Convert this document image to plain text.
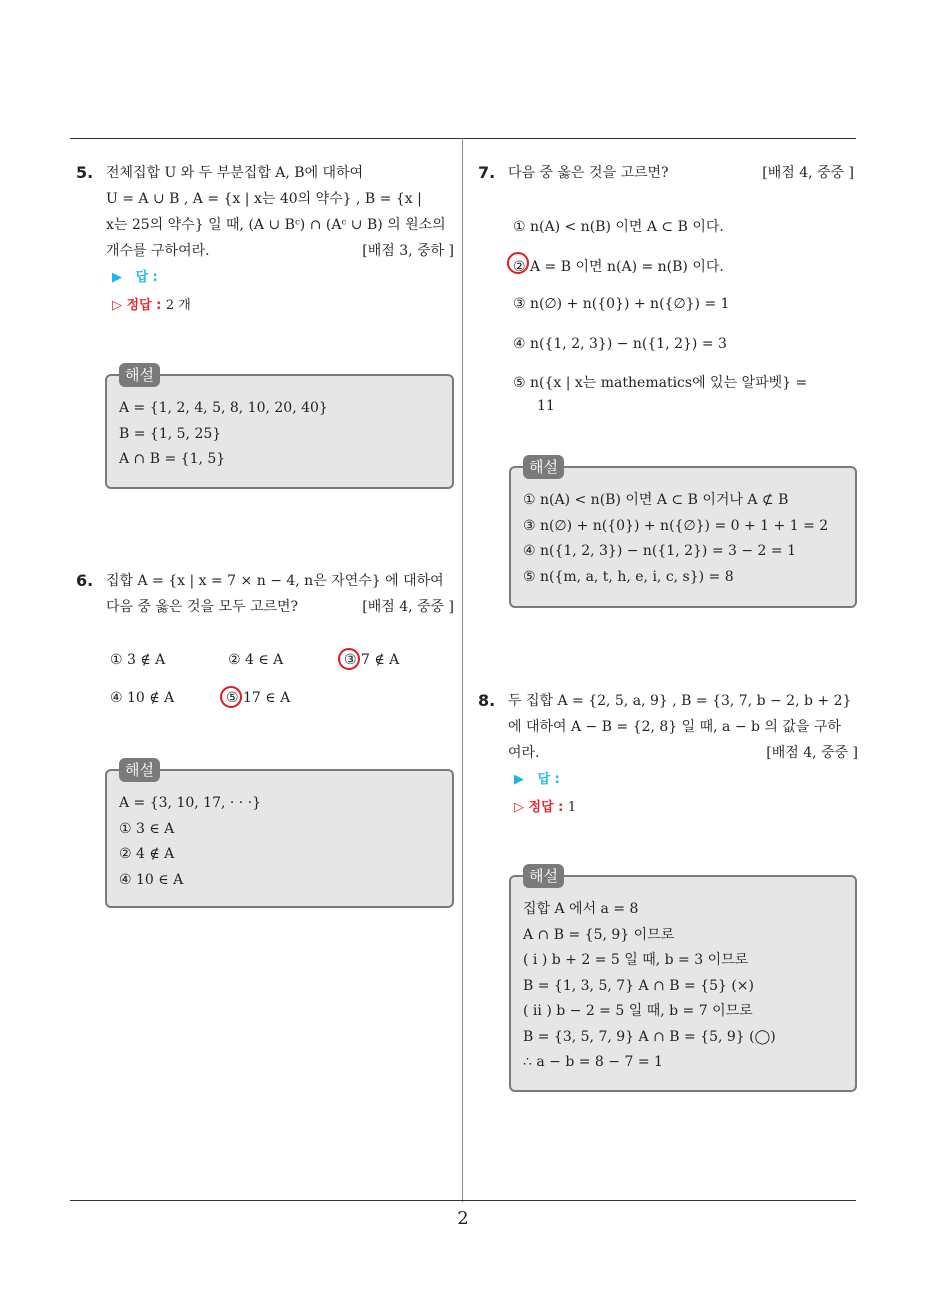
5. 전체집합 U 와 두 부분집합 A, B에 대하여
U = A ∪ B , A = {x | x는 40의 약수} , B = {x |
x는 25의 약수} 일 때, (A ∪ Bᶜ) ∩ (Aᶜ ∪ B) 의 원소의
개수를 구하여라.	[배점 3, 중하 ]
▶ 답 :
▷ 정답 : 2 개
해설
A = {1, 2, 4, 5, 8, 10, 20, 40}
B = {1, 5, 25}
A ∩ B = {1, 5}
6. 집합 A = {x | x = 7 × n − 4, n은 자연수} 에 대하여
다음 중 옳은 것을 모두 고르면?	[배점 4, 중중 ]
① 3 ∉ A	② 4 ∈ A	③ 7 ∉ A
④ 10 ∉ A	⑤ 17 ∈ A
해설
A = {3, 10, 17, · · ·}
① 3 ∈ A
② 4 ∉ A
④ 10 ∈ A
7. 다음 중 옳은 것을 고르면?	[배점 4, 중중 ]
① n(A) < n(B) 이면 A ⊂ B 이다.
② A = B 이면 n(A) = n(B) 이다.
③ n(∅) + n({0}) + n({∅}) = 1
④ n({1, 2, 3}) − n({1, 2}) = 3
⑤ n({x | x는 mathematics에 있는 알파벳} =
11
해설
① n(A) < n(B) 이면 A ⊂ B 이거나 A ⊄ B
③ n(∅) + n({0}) + n({∅}) = 0 + 1 + 1 = 2
④ n({1, 2, 3}) − n({1, 2}) = 3 − 2 = 1
⑤ n({m, a, t, h, e, i, c, s}) = 8
8. 두 집합 A = {2, 5, a, 9} , B = {3, 7, b − 2, b + 2}
에 대하여 A − B = {2, 8} 일 때, a − b 의 값을 구하
여라.	[배점 4, 중중 ]
▶ 답 :
▷ 정답 : 1
해설
집합 A 에서 a = 8
A ∩ B = {5, 9} 이므로
( i ) b + 2 = 5 일 때, b = 3 이므로
B = {1, 3, 5, 7} A ∩ B = {5} (×)
( ii ) b − 2 = 5 일 때, b = 7 이므로
B = {3, 5, 7, 9} A ∩ B = {5, 9} (◯)
∴ a − b = 8 − 7 = 1
2
